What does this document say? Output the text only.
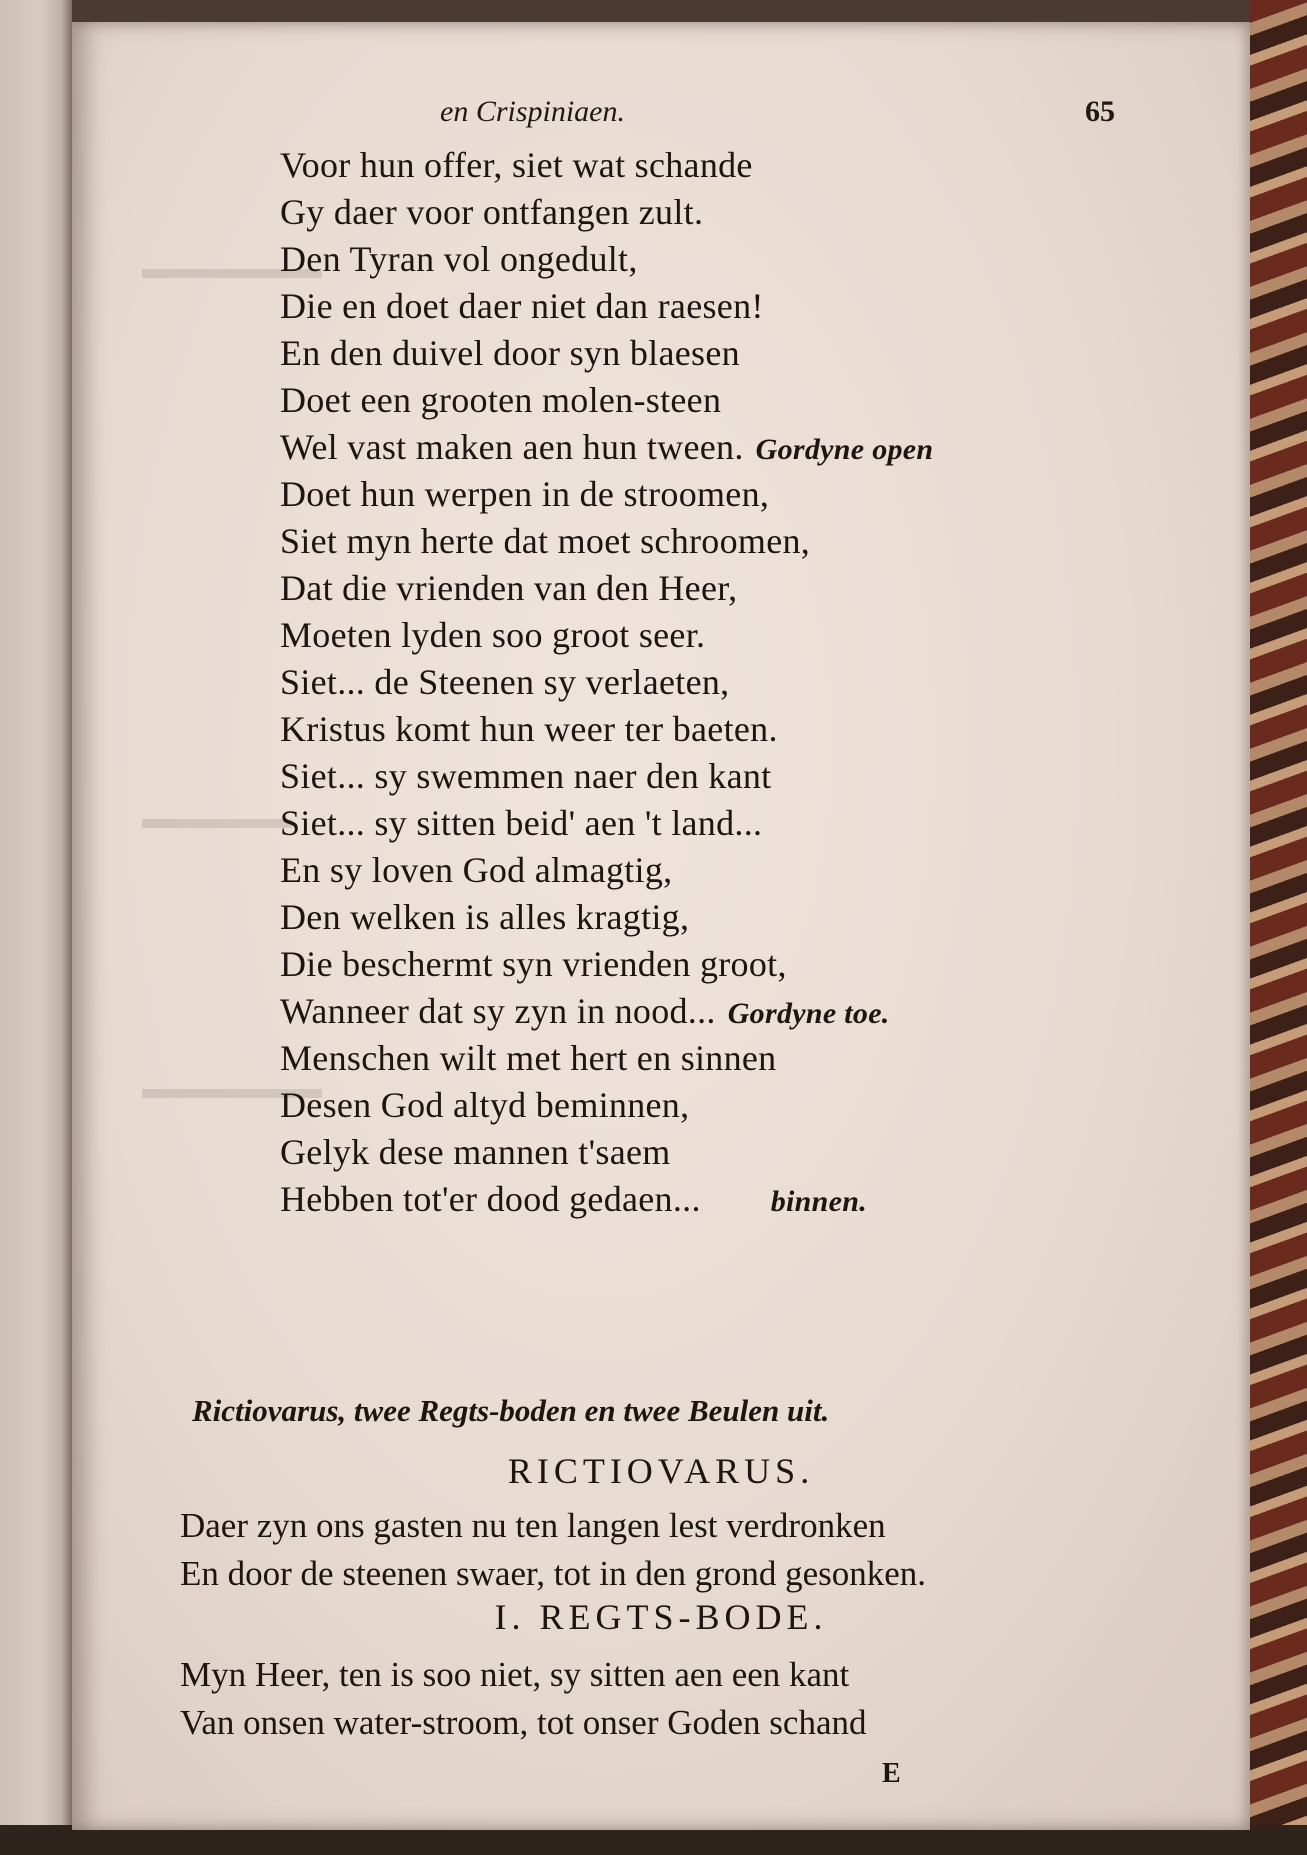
▬▬▬▬▬▬
▬▬▬▬▬
▬▬▬▬▬▬
en Crispiniaen.	65
Voor hun offer, siet wat schande
Gy daer voor ontfangen zult.
Den Tyran vol ongedult,
Die en doet daer niet dan raesen!
En den duivel door syn blaesen
Doet een grooten molen-steen
Wel vast maken aen hun tween. Gordyne open
Doet hun werpen in de stroomen,
Siet myn herte dat moet schroomen,
Dat die vrienden van den Heer,
Moeten lyden soo groot seer.
Siet... de Steenen sy verlaeten,
Kristus komt hun weer ter baeten.
Siet... sy swemmen naer den kant
Siet... sy sitten beid' aen 't land...
En sy loven God almagtig,
Den welken is alles kragtig,
Die beschermt syn vrienden groot,
Wanneer dat sy zyn in nood... Gordyne toe.
Menschen wilt met hert en sinnen
Desen God altyd beminnen,
Gelyk dese mannen t'saem
Hebben tot'er dood gedaen... binnen.
Rictiovarus, twee Regts-boden en twee Beulen uit.
RICTIOVARUS.
Daer zyn ons gasten nu ten langen lest verdronken
En door de steenen swaer, tot in den grond gesonken.
I. REGTS-BODE.
Myn Heer, ten is soo niet, sy sitten aen een kant
Van onsen water-stroom, tot onser Goden schand
E
